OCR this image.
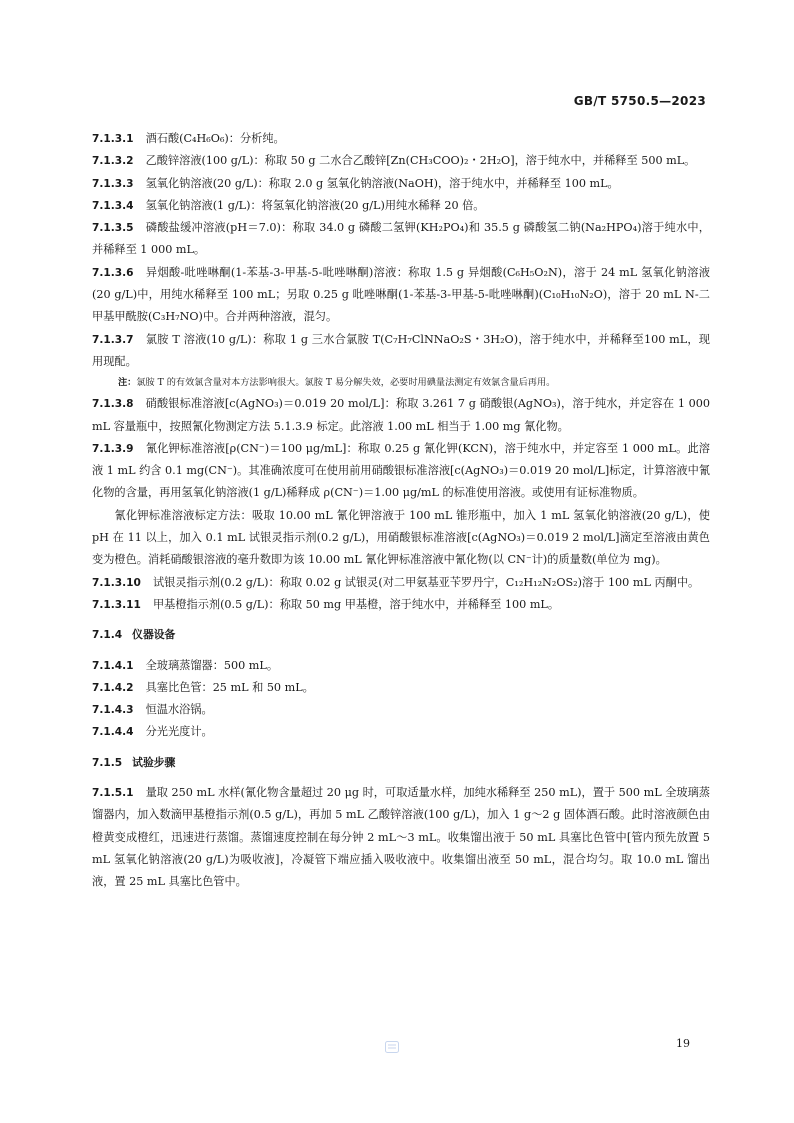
GB/T 5750.5—2023

7.1.3.1 酒石酸(C₄H₆O₆)：分析纯。

7.1.3.2 乙酸锌溶液(100 g/L)：称取 50 g 二水合乙酸锌[Zn(CH₃COO)₂・2H₂O]，溶于纯水中，并稀释至 500 mL。

7.1.3.3 氢氧化钠溶液(20 g/L)：称取 2.0 g 氢氧化钠溶液(NaOH)，溶于纯水中，并稀释至 100 mL。

7.1.3.4 氢氧化钠溶液(1 g/L)：将氢氧化钠溶液(20 g/L)用纯水稀释 20 倍。

7.1.3.5 磷酸盐缓冲溶液(pH＝7.0)：称取 34.0 g 磷酸二氢钾(KH₂PO₄)和 35.5 g 磷酸氢二钠(Na₂HPO₄)溶于纯水中，并稀释至 1 000 mL。

7.1.3.6 异烟酸-吡唑啉酮(1-苯基-3-甲基-5-吡唑啉酮)溶液：称取 1.5 g 异烟酸(C₆H₅O₂N)，溶于 24 mL 氢氧化钠溶液(20 g/L)中，用纯水稀释至 100 mL；另取 0.25 g 吡唑啉酮(1-苯基-3-甲基-5-吡唑啉酮)(C₁₀H₁₀N₂O)，溶于 20 mL N-二甲基甲酰胺(C₃H₇NO)中。合并两种溶液，混匀。

7.1.3.7 氯胺 T 溶液(10 g/L)：称取 1 g 三水合氯胺 T(C₇H₇ClNNaO₂S・3H₂O)，溶于纯水中，并稀释至100 mL，现用现配。

注：氯胺 T 的有效氯含量对本方法影响很大。氯胺 T 易分解失效，必要时用碘量法测定有效氯含量后再用。

7.1.3.8 硝酸银标准溶液[c(AgNO₃)＝0.019 20 mol/L]：称取 3.261 7 g 硝酸银(AgNO₃)，溶于纯水，并定容在 1 000 mL 容量瓶中，按照氰化物测定方法 5.1.3.9 标定。此溶液 1.00 mL 相当于 1.00 mg 氰化物。

7.1.3.9 氰化钾标准溶液[ρ(CN⁻)＝100 μg/mL]：称取 0.25 g 氰化钾(KCN)，溶于纯水中，并定容至 1 000 mL。此溶液 1 mL 约含 0.1 mg(CN⁻)。其准确浓度可在使用前用硝酸银标准溶液[c(AgNO₃)＝0.019 20 mol/L]标定，计算溶液中氰化物的含量，再用氢氧化钠溶液(1 g/L)稀释成 ρ(CN⁻)＝1.00 μg/mL 的标准使用溶液。或使用有证标准物质。

氰化钾标准溶液标定方法：吸取 10.00 mL 氰化钾溶液于 100 mL 锥形瓶中，加入 1 mL 氢氧化钠溶液(20 g/L)，使 pH 在 11 以上，加入 0.1 mL 试银灵指示剂(0.2 g/L)，用硝酸银标准溶液[c(AgNO₃)＝0.019 2 mol/L]滴定至溶液由黄色变为橙色。消耗硝酸银溶液的毫升数即为该 10.00 mL 氰化钾标准溶液中氰化物(以 CN⁻计)的质量数(单位为 mg)。

7.1.3.10 试银灵指示剂(0.2 g/L)：称取 0.02 g 试银灵(对二甲氨基亚苄罗丹宁，C₁₂H₁₂N₂OS₂)溶于 100 mL 丙酮中。

7.1.3.11 甲基橙指示剂(0.5 g/L)：称取 50 mg 甲基橙，溶于纯水中，并稀释至 100 mL。

7.1.4 仪器设备

7.1.4.1 全玻璃蒸馏器：500 mL。

7.1.4.2 具塞比色管：25 mL 和 50 mL。

7.1.4.3 恒温水浴锅。

7.1.4.4 分光光度计。

7.1.5 试验步骤

7.1.5.1 量取 250 mL 水样(氰化物含量超过 20 μg 时，可取适量水样，加纯水稀释至 250 mL)，置于 500 mL 全玻璃蒸馏器内，加入数滴甲基橙指示剂(0.5 g/L)，再加 5 mL 乙酸锌溶液(100 g/L)，加入 1 g～2 g 固体酒石酸。此时溶液颜色由橙黄变成橙红，迅速进行蒸馏。蒸馏速度控制在每分钟 2 mL～3 mL。收集馏出液于 50 mL 具塞比色管中[管内预先放置 5 mL 氢氧化钠溶液(20 g/L)为吸收液]，冷凝管下端应插入吸收液中。收集馏出液至 50 mL，混合均匀。取 10.0 mL 馏出液，置 25 mL 具塞比色管中。

19
